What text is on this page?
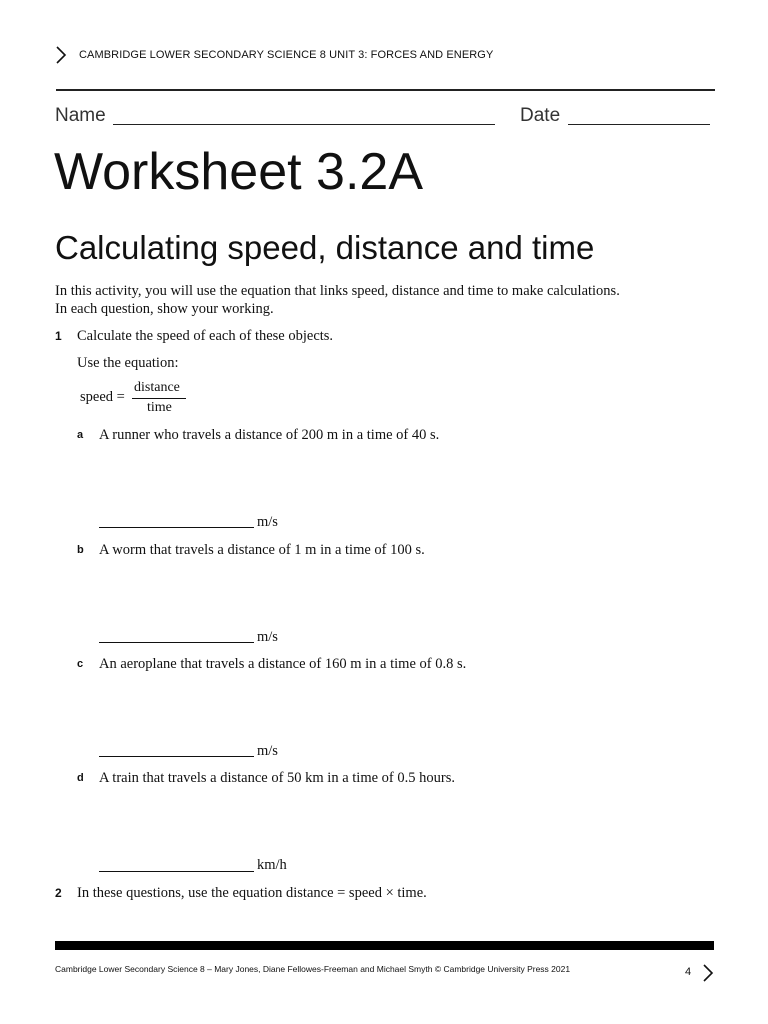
CAMBRIDGE LOWER SECONDARY SCIENCE 8 UNIT 3: FORCES AND ENERGY
Name	Date
Worksheet 3.2A
Calculating speed, distance and time
In this activity, you will use the equation that links speed, distance and time to make calculations.
In each question, show your working.
1 Calculate the speed of each of these objects.
Use the equation:
speed =
distance
time
a A runner who travels a distance of 200 m in a time of 40 s.
m/s
b A worm that travels a distance of 1 m in a time of 100 s.
m/s
c An aeroplane that travels a distance of 160 m in a time of 0.8 s.
m/s
d A train that travels a distance of 50 km in a time of 0.5 hours.
km/h
2 In these questions, use the equation distance = speed × time.
Cambridge Lower Secondary Science 8 – Mary Jones, Diane Fellowes-Freeman and Michael Smyth © Cambridge University Press 2021	4
